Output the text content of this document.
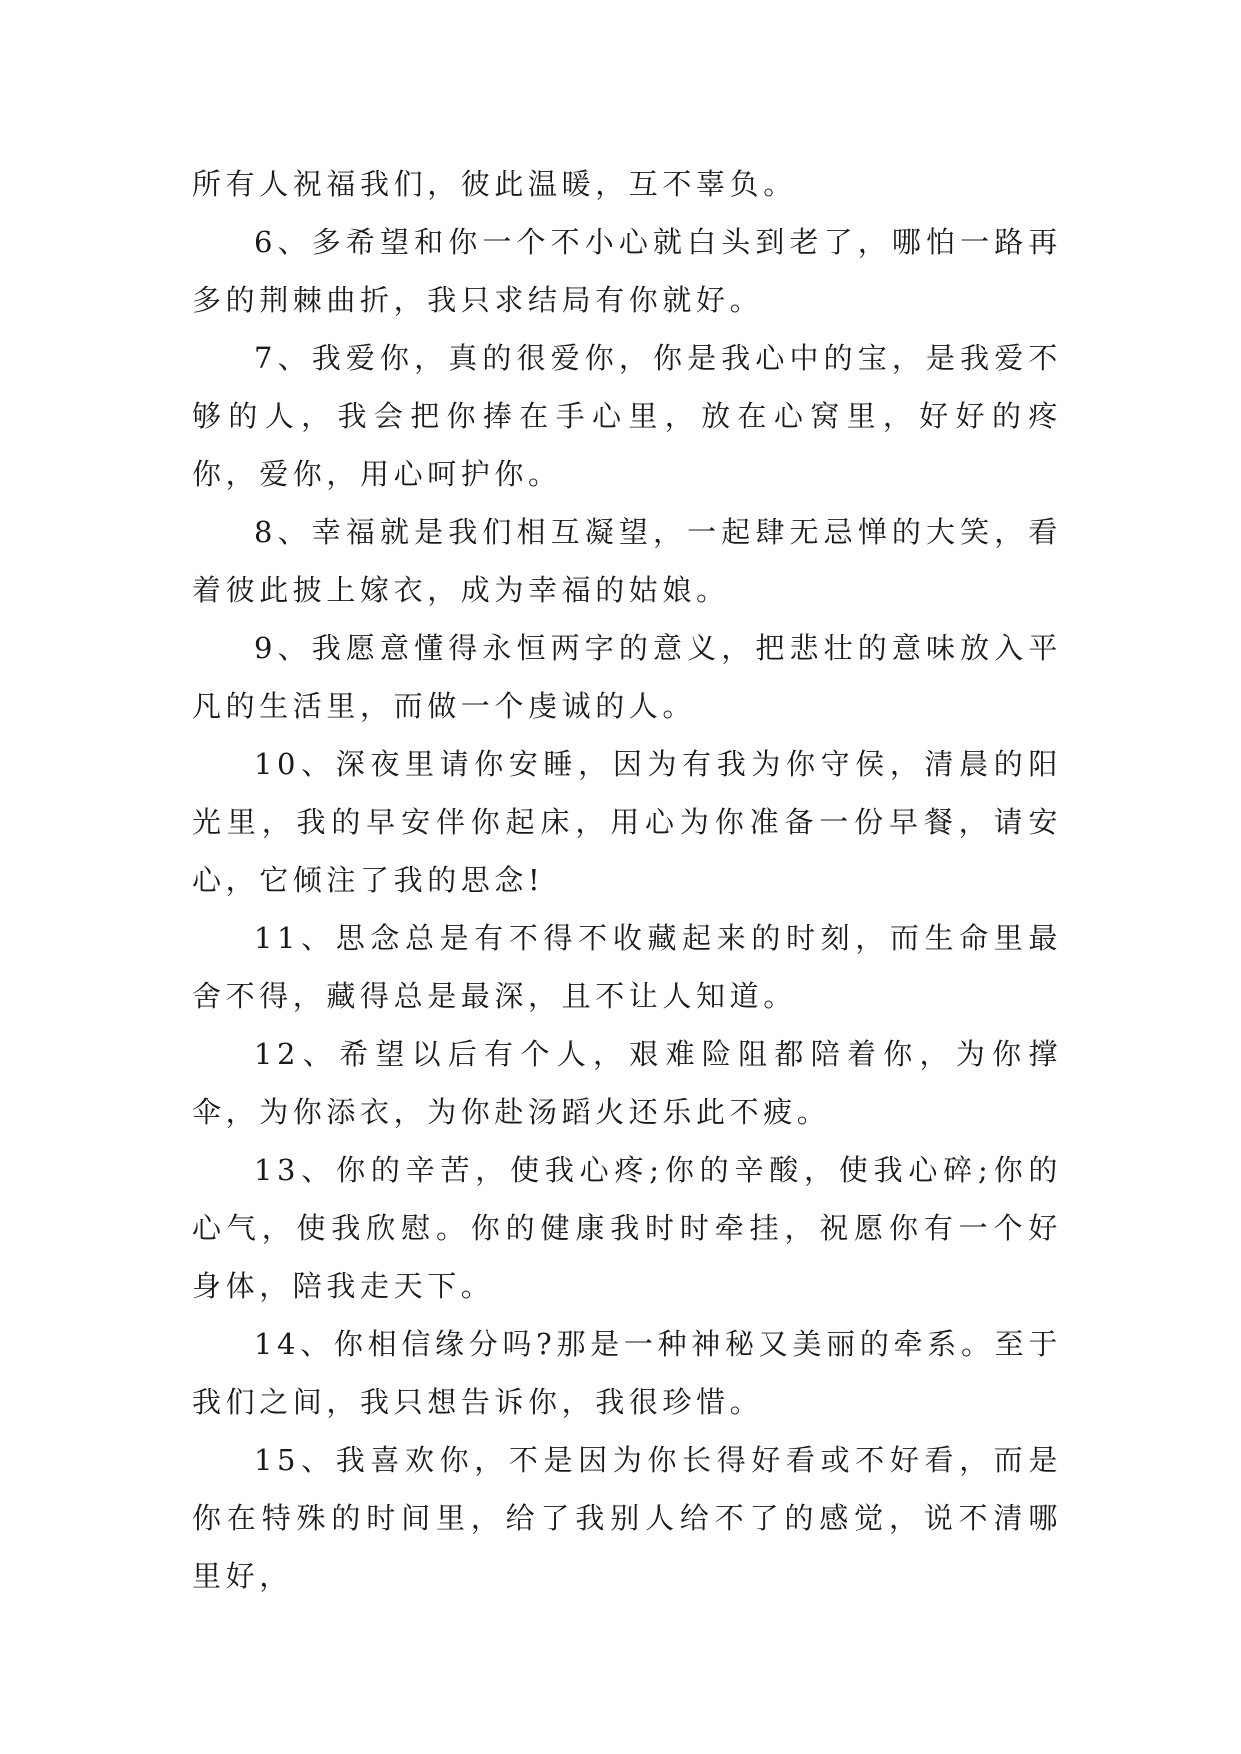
所有人祝福我们，彼此温暖，互不辜负。

6、多希望和你一个不小心就白头到老了，哪怕一路再多的荆棘曲折，我只求结局有你就好。

7、我爱你，真的很爱你，你是我心中的宝，是我爱不够的人，我会把你捧在手心里，放在心窝里，好好的疼你，爱你，用心呵护你。

8、幸福就是我们相互凝望，一起肆无忌惮的大笑，看着彼此披上嫁衣，成为幸福的姑娘。

9、我愿意懂得永恒两字的意义，把悲壮的意味放入平凡的生活里，而做一个虔诚的人。

10、深夜里请你安睡，因为有我为你守侯，清晨的阳光里，我的早安伴你起床，用心为你准备一份早餐，请安心，它倾注了我的思念!

11、思念总是有不得不收藏起来的时刻，而生命里最舍不得，藏得总是最深，且不让人知道。

12、希望以后有个人，艰难险阻都陪着你，为你撑伞，为你添衣，为你赴汤蹈火还乐此不疲。

13、你的辛苦，使我心疼;你的辛酸，使我心碎;你的心气，使我欣慰。你的健康我时时牵挂，祝愿你有一个好身体，陪我走天下。

14、你相信缘分吗?那是一种神秘又美丽的牵系。至于我们之间，我只想告诉你，我很珍惜。

15、我喜欢你，不是因为你长得好看或不好看，而是你在特殊的时间里，给了我别人给不了的感觉，说不清哪里好，
